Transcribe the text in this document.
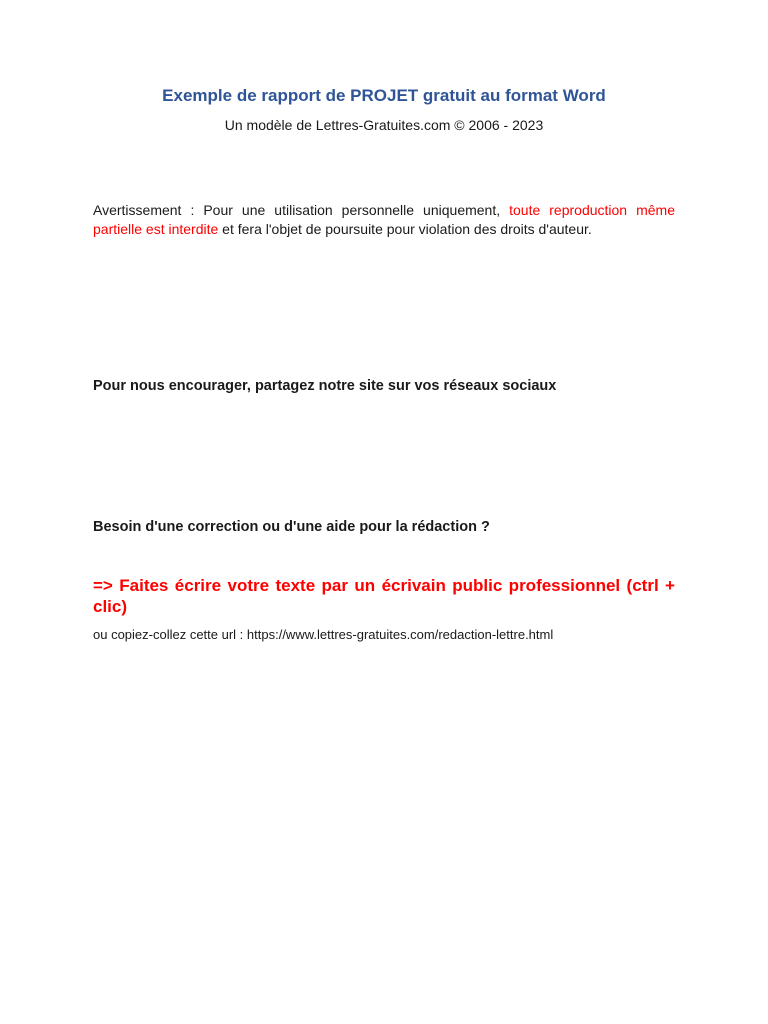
Exemple de rapport de PROJET gratuit au format Word

Un modèle de Lettres-Gratuites.com © 2006 - 2023

Avertissement : Pour une utilisation personnelle uniquement, toute reproduction même partielle est interdite et fera l'objet de poursuite pour violation des droits d'auteur.

Pour nous encourager, partagez notre site sur vos réseaux sociaux

Besoin d'une correction ou d'une aide pour la rédaction ?

=> Faites écrire votre texte par un écrivain public professionnel (ctrl + clic)

ou copiez-collez cette url : https://www.lettres-gratuites.com/redaction-lettre.html
